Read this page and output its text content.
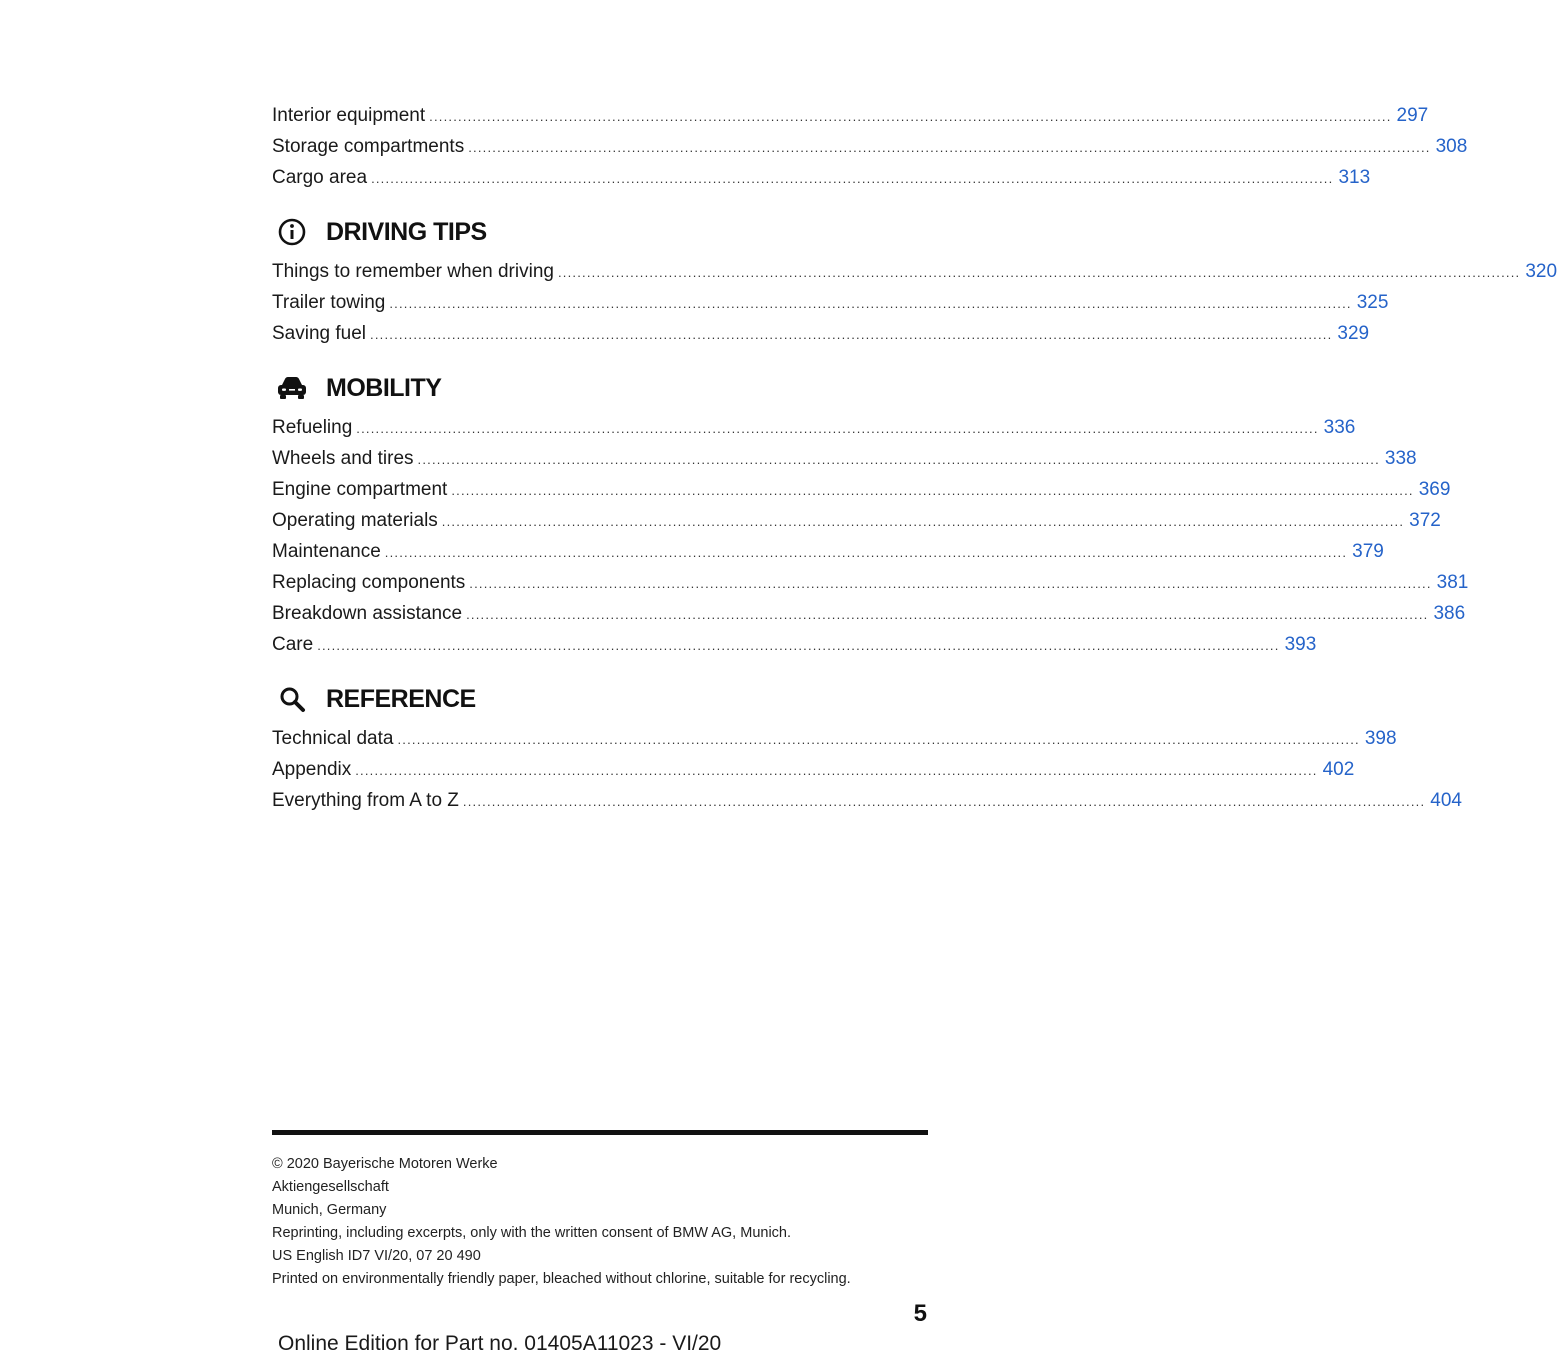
Interior equipment ........................................................................................................................................................................................................ 297
Storage compartments ........................................................................................................................................................................................................ 308
Cargo area ........................................................................................................................................................................................................ 313
DRIVING TIPS
Things to remember when driving ........................................................................................................................................................................................................ 320
Trailer towing ........................................................................................................................................................................................................ 325
Saving fuel ........................................................................................................................................................................................................ 329
MOBILITY
Refueling ........................................................................................................................................................................................................ 336
Wheels and tires ........................................................................................................................................................................................................ 338
Engine compartment ........................................................................................................................................................................................................ 369
Operating materials ........................................................................................................................................................................................................ 372
Maintenance ........................................................................................................................................................................................................ 379
Replacing components ........................................................................................................................................................................................................ 381
Breakdown assistance ........................................................................................................................................................................................................ 386
Care ........................................................................................................................................................................................................ 393
REFERENCE
Technical data ........................................................................................................................................................................................................ 398
Appendix ........................................................................................................................................................................................................ 402
Everything from A to Z ........................................................................................................................................................................................................ 404
© 2020 Bayerische Motoren Werke
Aktiengesellschaft
Munich, Germany
Reprinting, including excerpts, only with the written consent of BMW AG, Munich.
US English ID7 VI/20, 07 20 490
Printed on environmentally friendly paper, bleached without chlorine, suitable for recycling.
5
Online Edition for Part no. 01405A11023 - VI/20
